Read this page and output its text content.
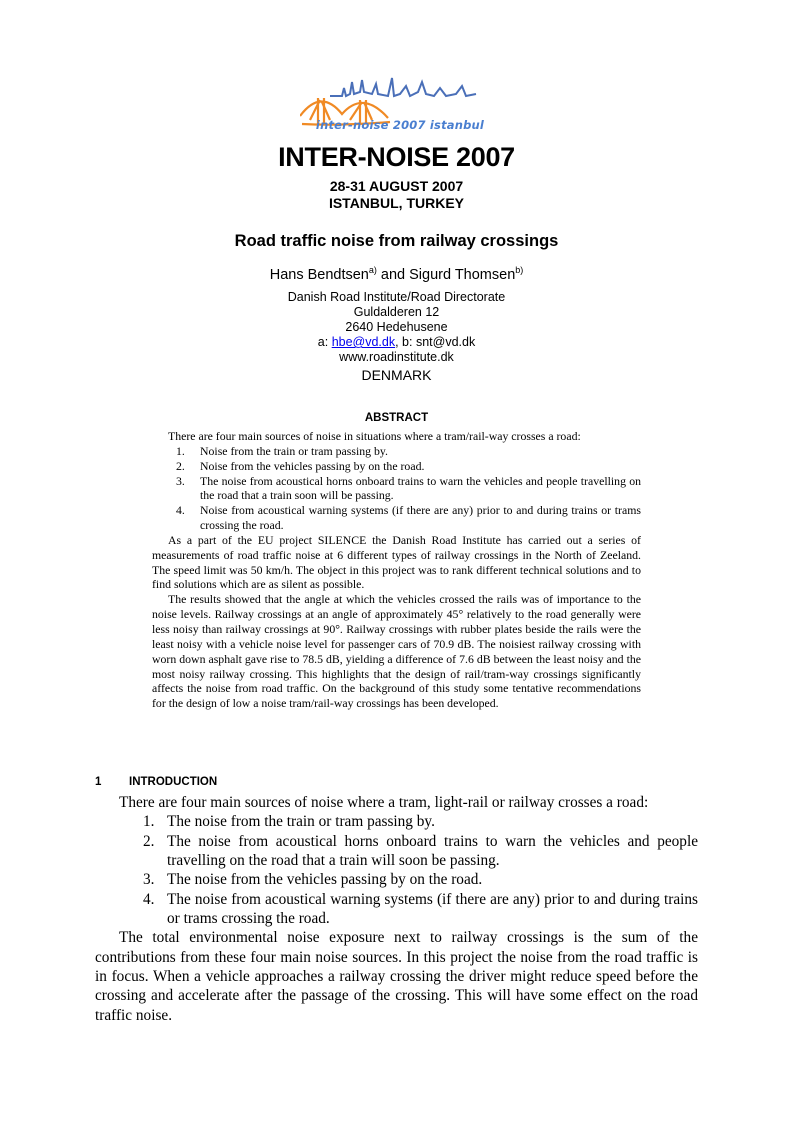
inter-noise 2007 istanbul
INTER-NOISE 2007
28-31 AUGUST 2007
ISTANBUL, TURKEY
Road traffic noise from railway crossings
Hans Bendtsen$^{a)}$ and Sigurd Thomsen$^{b)}$
Danish Road Institute/Road Directorate
Guldalderen 12
2640 Hedehusene
a: hbe@vd.dk, b: snt@vd.dk
www.roadinstitute.dk
DENMARK
ABSTRACT

There are four main sources of noise in situations where a tram/rail-way crosses a road:

1. Noise from the train or tram passing by.
2. Noise from the vehicles passing by on the road.
3. The noise from acoustical horns onboard trains to warn the vehicles and people travelling on the road that a train soon will be passing.
4. Noise from acoustical warning systems (if there are any) prior to and during trains or trams crossing the road.

As a part of the EU project SILENCE the Danish Road Institute has carried out a series of measurements of road traffic noise at 6 different types of railway crossings in the North of Zeeland. The speed limit was 50 km/h. The object in this project was to rank different technical solutions and to find solutions which are as silent as possible.

The results showed that the angle at which the vehicles crossed the rails was of importance to the noise levels. Railway crossings at an angle of approximately 45° relatively to the road generally were less noisy than railway crossings at 90°. Railway crossings with rubber plates beside the rails were the least noisy with a vehicle noise level for passenger cars of 70.9 dB. The noisiest railway crossing with worn down asphalt gave rise to 78.5 dB, yielding a difference of 7.6 dB between the least noisy and the most noisy railway crossing. This highlights that the design of rail/tram-way crossings significantly affects the noise from road traffic. On the background of this study some tentative recommendations for the design of low a noise tram/rail-way crossings has been developed.

1 INTRODUCTION

There are four main sources of noise where a tram, light-rail or railway crosses a road:

1. The noise from the train or tram passing by.
2. The noise from acoustical horns onboard trains to warn the vehicles and people travelling on the road that a train will soon be passing.
3. The noise from the vehicles passing by on the road.
4. The noise from acoustical warning systems (if there are any) prior to and during trains or trams crossing the road.

The total environmental noise exposure next to railway crossings is the sum of the contributions from these four main noise sources. In this project the noise from the road traffic is in focus. When a vehicle approaches a railway crossing the driver might reduce speed before the crossing and accelerate after the passage of the crossing. This will have some effect on the road traffic noise.
